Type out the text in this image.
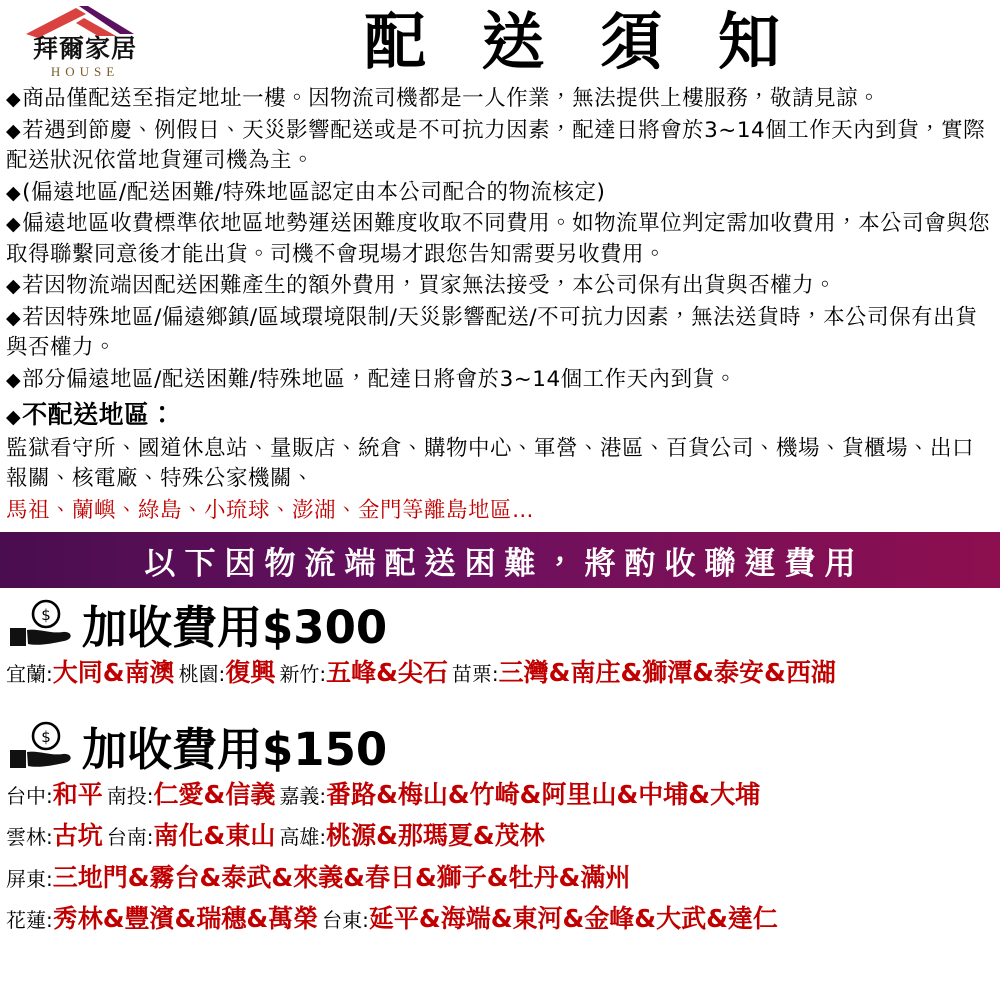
拜爾家居
HOUSE	配送須知

◆商品僅配送至指定地址一樓。因物流司機都是一人作業，無法提供上樓服務，敬請見諒。

◆若遇到節慶、例假日、天災影響配送或是不可抗力因素，配達日將會於3~14個工作天內到貨，實際配送狀況依當地貨運司機為主。

◆(偏遠地區/配送困難/特殊地區認定由本公司配合的物流核定)

◆偏遠地區收費標準依地區地勢運送困難度收取不同費用。如物流單位判定需加收費用，本公司會與您取得聯繫同意後才能出貨。司機不會現場才跟您告知需要另收費用。

◆若因物流端因配送困難產生的額外費用，買家無法接受，本公司保有出貨與否權力。

◆若因特殊地區/偏遠鄉鎮/區域環境限制/天災影響配送/不可抗力因素，無法送貨時，本公司保有出貨與否權力。

◆部分偏遠地區/配送困難/特殊地區，配達日將會於3~14個工作天內到貨。

◆不配送地區：

監獄看守所、國道休息站、量販店、統倉、購物中心、軍營、港區、百貨公司、機場、貨櫃場、出口報關、核電廠、特殊公家機關、

馬祖、蘭嶼、綠島、小琉球、澎湖、金門等離島地區…

以下因物流端配送困難，將酌收聯運費用
$ 加收費用$300
宜蘭:大同&南澳 桃園:復興 新竹:五峰&尖石 苗栗:三灣&南庄&獅潭&泰安&西湖
$ 加收費用$150
台中:和平 南投:仁愛&信義 嘉義:番路&梅山&竹崎&阿里山&中埔&大埔
雲林:古坑 台南:南化&東山 高雄:桃源&那瑪夏&茂林
屏東:三地門&霧台&泰武&來義&春日&獅子&牡丹&滿州
花蓮:秀林&豐濱&瑞穗&萬榮 台東:延平&海端&東河&金峰&大武&達仁
